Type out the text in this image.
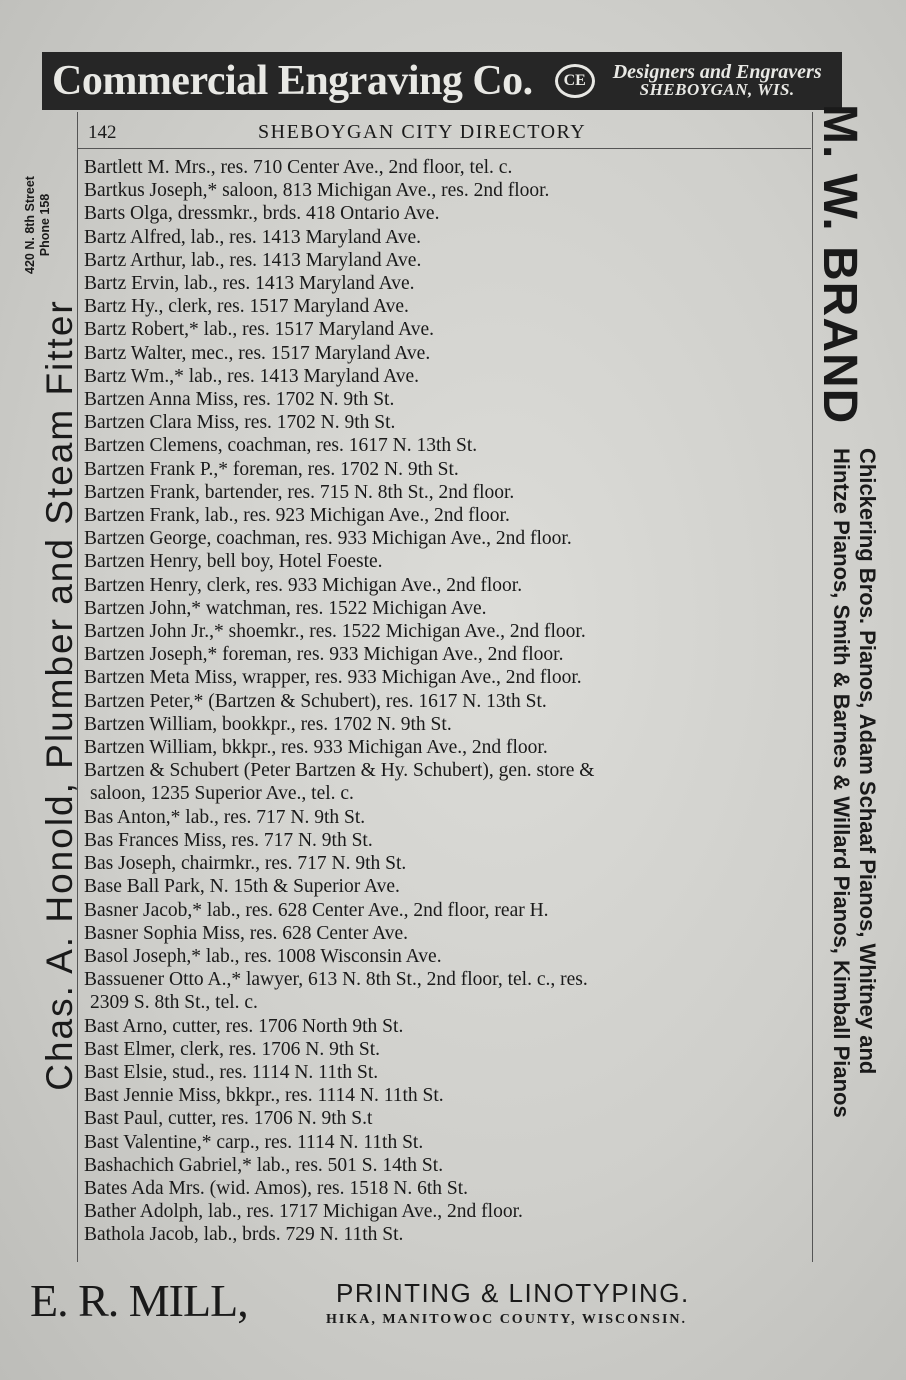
Commercial Engraving Co.	CE	Designers and Engravers
SHEBOYGAN, WIS.
142	SHEBOYGAN CITY DIRECTORY
Bartlett M. Mrs., res. 710 Center Ave., 2nd floor, tel. c.
Bartkus Joseph,* saloon, 813 Michigan Ave., res. 2nd floor.
Barts Olga, dressmkr., brds. 418 Ontario Ave.
Bartz Alfred, lab., res. 1413 Maryland Ave.
Bartz Arthur, lab., res. 1413 Maryland Ave.
Bartz Ervin, lab., res. 1413 Maryland Ave.
Bartz Hy., clerk, res. 1517 Maryland Ave.
Bartz Robert,* lab., res. 1517 Maryland Ave.
Bartz Walter, mec., res. 1517 Maryland Ave.
Bartz Wm.,* lab., res. 1413 Maryland Ave.
Bartzen Anna Miss, res. 1702 N. 9th St.
Bartzen Clara Miss, res. 1702 N. 9th St.
Bartzen Clemens, coachman, res. 1617 N. 13th St.
Bartzen Frank P.,* foreman, res. 1702 N. 9th St.
Bartzen Frank, bartender, res. 715 N. 8th St., 2nd floor.
Bartzen Frank, lab., res. 923 Michigan Ave., 2nd floor.
Bartzen George, coachman, res. 933 Michigan Ave., 2nd floor.
Bartzen Henry, bell boy, Hotel Foeste.
Bartzen Henry, clerk, res. 933 Michigan Ave., 2nd floor.
Bartzen John,* watchman, res. 1522 Michigan Ave.
Bartzen John Jr.,* shoemkr., res. 1522 Michigan Ave., 2nd floor.
Bartzen Joseph,* foreman, res. 933 Michigan Ave., 2nd floor.
Bartzen Meta Miss, wrapper, res. 933 Michigan Ave., 2nd floor.
Bartzen Peter,* (Bartzen & Schubert), res. 1617 N. 13th St.
Bartzen William, bookkpr., res. 1702 N. 9th St.
Bartzen William, bkkpr., res. 933 Michigan Ave., 2nd floor.
Bartzen & Schubert (Peter Bartzen & Hy. Schubert), gen. store &
saloon, 1235 Superior Ave., tel. c.
Bas Anton,* lab., res. 717 N. 9th St.
Bas Frances Miss, res. 717 N. 9th St.
Bas Joseph, chairmkr., res. 717 N. 9th St.
Base Ball Park, N. 15th & Superior Ave.
Basner Jacob,* lab., res. 628 Center Ave., 2nd floor, rear H.
Basner Sophia Miss, res. 628 Center Ave.
Basol Joseph,* lab., res. 1008 Wisconsin Ave.
Bassuener Otto A.,* lawyer, 613 N. 8th St., 2nd floor, tel. c., res.
2309 S. 8th St., tel. c.
Bast Arno, cutter, res. 1706 North 9th St.
Bast Elmer, clerk, res. 1706 N. 9th St.
Bast Elsie, stud., res. 1114 N. 11th St.
Bast Jennie Miss, bkkpr., res. 1114 N. 11th St.
Bast Paul, cutter, res. 1706 N. 9th S.t
Bast Valentine,* carp., res. 1114 N. 11th St.
Bashachich Gabriel,* lab., res. 501 S. 14th St.
Bates Ada Mrs. (wid. Amos), res. 1518 N. 6th St.
Bather Adolph, lab., res. 1717 Michigan Ave., 2nd floor.
Bathola Jacob, lab., brds. 729 N. 11th St.
Chas. A. Honold, Plumber and Steam Fitter
420 N. 8th Street Phone 158	M. W. BRAND
Chickering Bros. Pianos, Adam Schaaf Pianos, Whitney and
Hintze Pianos, Smith & Barnes & Willard Pianos, Kimball Pianos
E. R. MILL,	PRINTING & LINOTYPING.
HIKA, MANITOWOC COUNTY, WISCONSIN.
